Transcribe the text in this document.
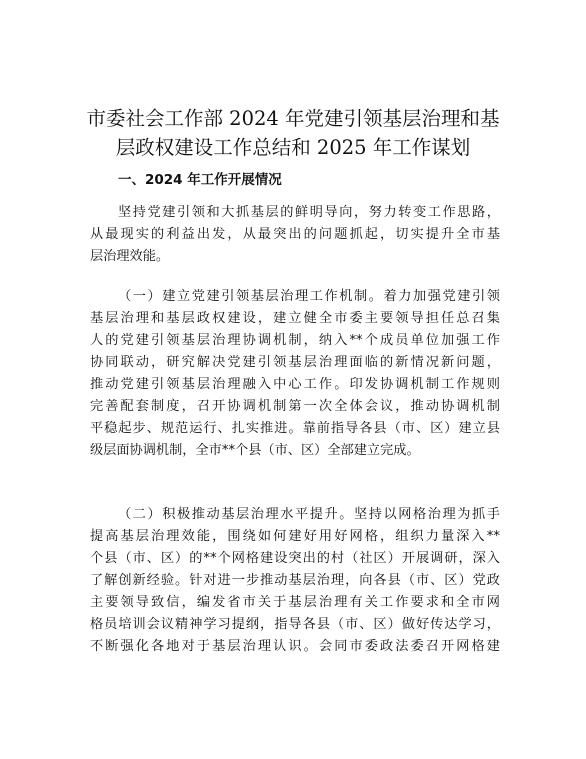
市委社会工作部 2024 年党建引领基层治理和基
层政权建设工作总结和 2025 年工作谋划
一、2024 年工作开展情况
坚持党建引领和大抓基层的鲜明导向，努力转变工作思路，
从最现实的利益出发，从最突出的问题抓起，切实提升全市基
层治理效能。
（一）建立党建引领基层治理工作机制。着力加强党建引领
基层治理和基层政权建设，建立健全市委主要领导担任总召集
人的党建引领基层治理协调机制，纳入**个成员单位加强工作
协同联动，研究解决党建引领基层治理面临的新情况新问题，
推动党建引领基层治理融入中心工作。印发协调机制工作规则
完善配套制度，召开协调机制第一次全体会议，推动协调机制
平稳起步、规范运行、扎实推进。靠前指导各县（市、区）建立县
级层面协调机制，全市**个县（市、区）全部建立完成。
（二）积极推动基层治理水平提升。坚持以网格治理为抓手
提高基层治理效能，围绕如何建好用好网格，组织力量深入**
个县（市、区）的**个网格建设突出的村（社区）开展调研，深入
了解创新经验。针对进一步推动基层治理，向各县（市、区）党政
主要领导致信，编发省市关于基层治理有关工作要求和全市网
格员培训会议精神学习提纲，指导各县（市、区）做好传达学习，
不断强化各地对于基层治理认识。会同市委政法委召开网格建
